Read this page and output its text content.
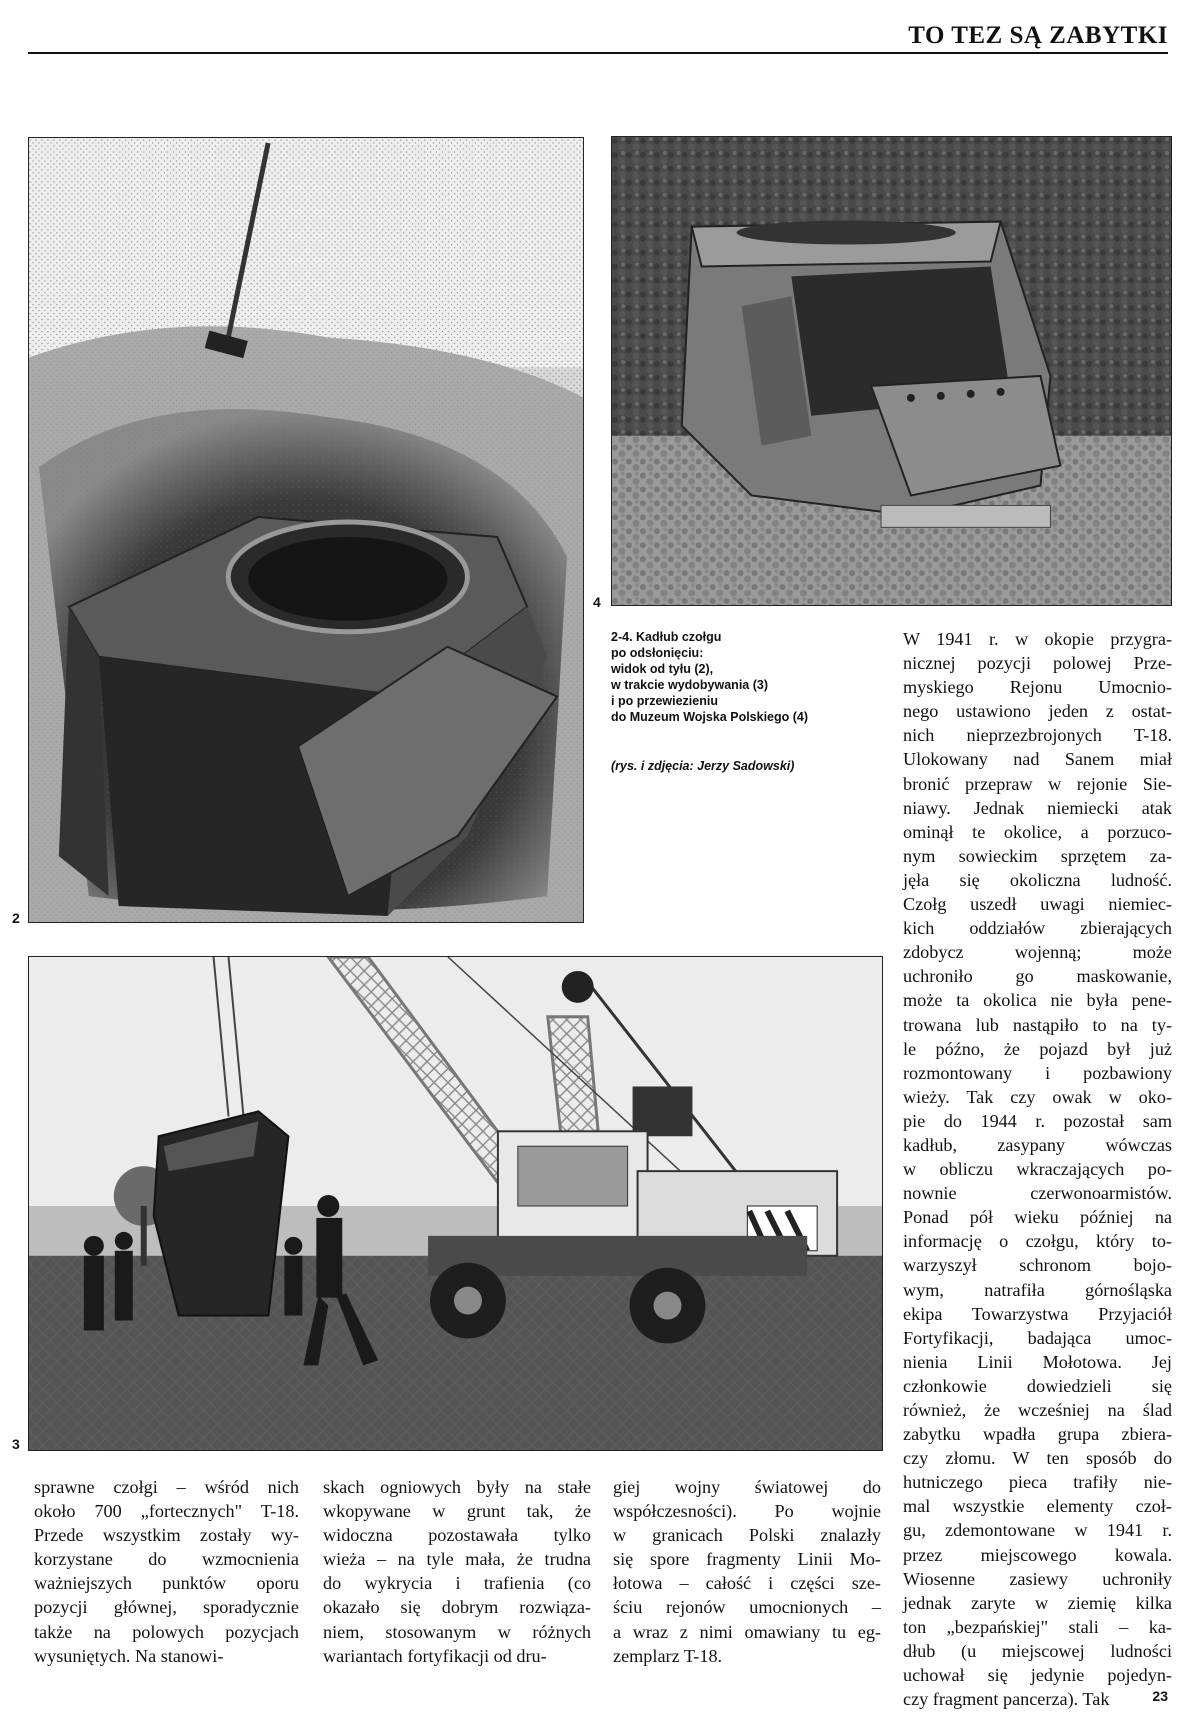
TO TEZ SĄ ZABYTKI
2
4
2-4. Kadłub czołgu
po odsłonięciu:
widok od tyłu (2),
w trakcie wydobywania (3)
i po przewiezieniu
do Muzeum Wojska Polskiego (4)
(rys. i zdjęcia: Jerzy Sadowski)
3
W 1941 r. w okopie przygra-
nicznej pozycji polowej Prze-
myskiego Rejonu Umocnio-
nego ustawiono jeden z ostat-
nich nieprzezbrojonych T-18.
Ulokowany nad Sanem miał
bronić przepraw w rejonie Sie-
niawy. Jednak niemiecki atak
ominął te okolice, a porzuco-
nym sowieckim sprzętem za-
jęła się okoliczna ludność.
Czołg uszedł uwagi niemiec-
kich oddziałów zbierających
zdobycz wojenną; może
uchroniło go maskowanie,
może ta okolica nie była pene-
trowana lub nastąpiło to na ty-
le późno, że pojazd był już
rozmontowany i pozbawiony
wieży. Tak czy owak w oko-
pie do 1944 r. pozostał sam
kadłub, zasypany wówczas
w obliczu wkraczających po-
nownie czerwonoarmistów.
Ponad pół wieku później na
informację o czołgu, który to-
warzyszył schronom bojo-
wym, natrafiła górnośląska
ekipa Towarzystwa Przyjaciół
Fortyfikacji, badająca umoc-
nienia Linii Mołotowa. Jej
członkowie dowiedzieli się
również, że wcześniej na ślad
zabytku wpadła grupa zbiera-
czy złomu. W ten sposób do
hutniczego pieca trafiły nie-
mal wszystkie elementy czoł-
gu, zdemontowane w 1941 r.
przez miejscowego kowala.
Wiosenne zasiewy uchroniły
jednak zaryte w ziemię kilka
ton „bezpańskiej" stali – ka-
dłub (u miejscowej ludności
uchował się jedynie pojedyn-
czy fragment pancerza). Tak
sprawne czołgi – wśród nich
około 700 „fortecznych" T-18.
Przede wszystkim zostały wy-
korzystane do wzmocnienia
ważniejszych punktów oporu
pozycji głównej, sporadycznie
także na polowych pozycjach
wysuniętych. Na stanowi-
skach ogniowych były na stałe
wkopywane w grunt tak, że
widoczna pozostawała tylko
wieża – na tyle mała, że trudna
do wykrycia i trafienia (co
okazało się dobrym rozwiąza-
niem, stosowanym w różnych
wariantach fortyfikacji od dru-
giej wojny światowej do
współczesności). Po wojnie
w granicach Polski znalazły
się spore fragmenty Linii Mo-
łotowa – całość i części sze-
ściu rejonów umocnionych –
a wraz z nimi omawiany tu eg-
zemplarz T-18.
23
